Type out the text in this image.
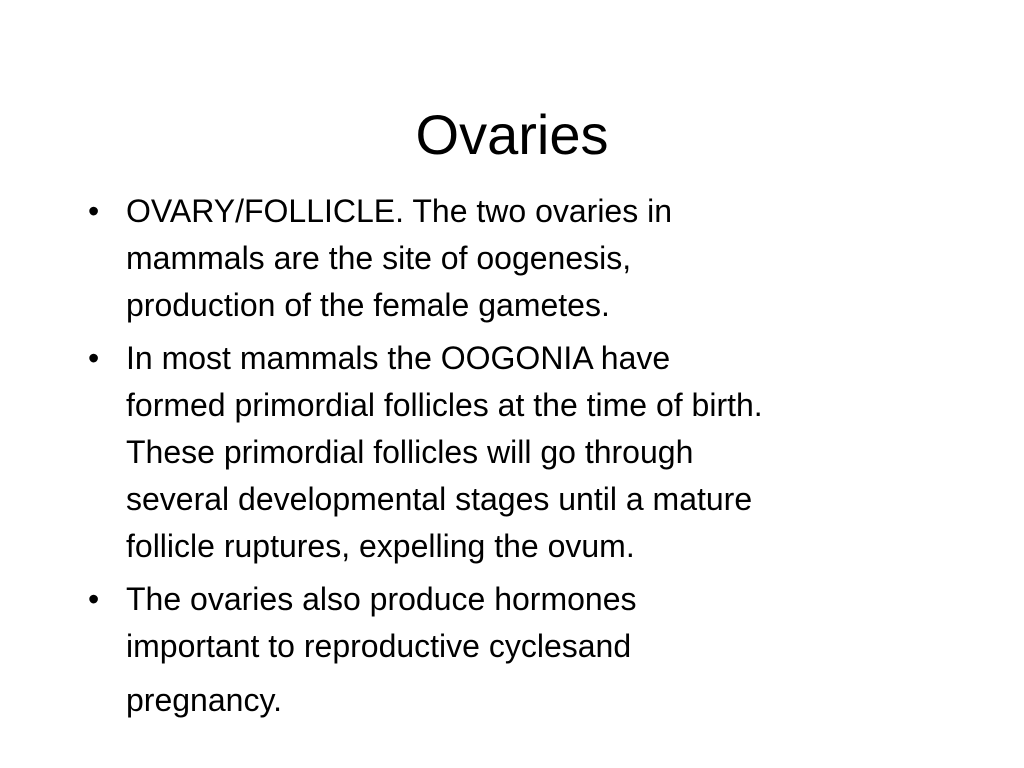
Ovaries
• OVARY/FOLLICLE. The two ovaries in
mammals are the site of oogenesis,
production of the female gametes.
• In most mammals the OOGONIA have
formed primordial follicles at the time of birth.
These primordial follicles will go through
several developmental stages until a mature
follicle ruptures, expelling the ovum.
• The ovaries also produce hormones
important to reproductive cyclesand
pregnancy.
